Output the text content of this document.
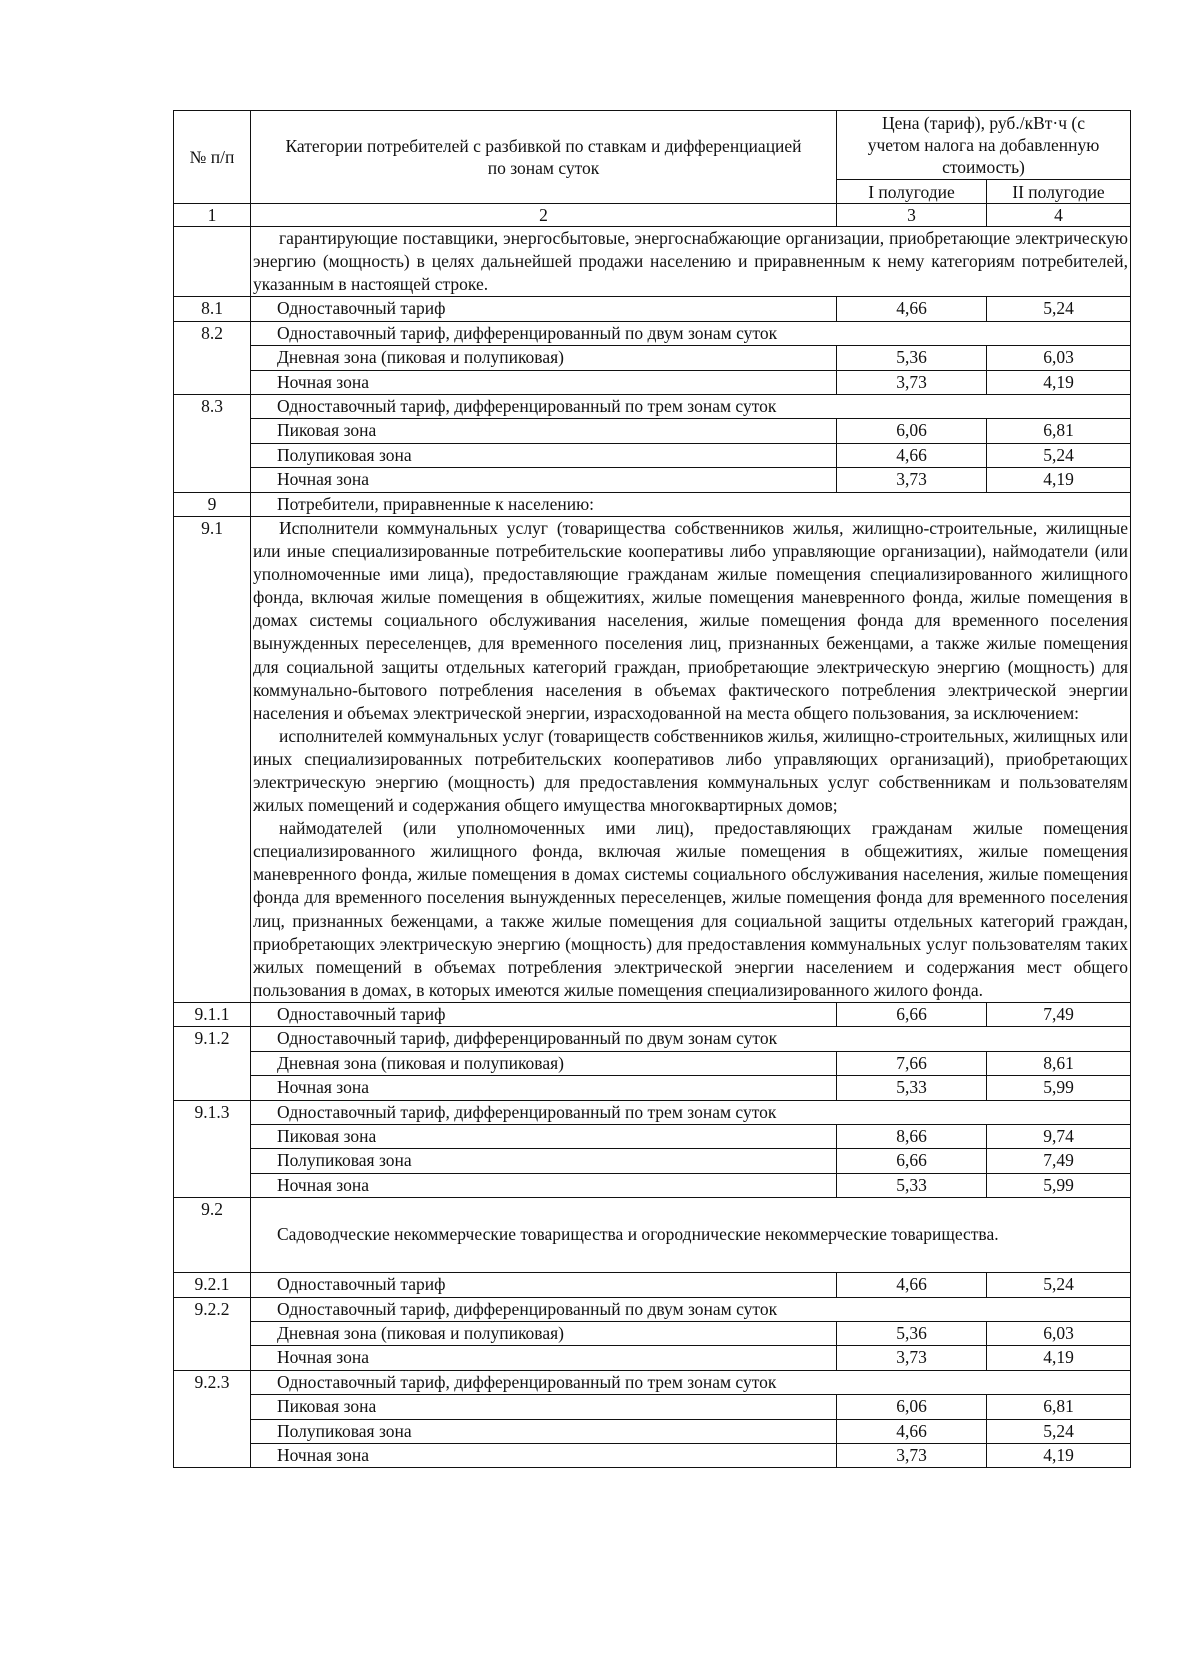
№ п/п	Категории потребителей с разбивкой по ставкам и дифференциацией по зонам суток	Цена (тариф), руб./кВт·ч (с учетом налога на добавленную стоимость)	
		I полугодие	II полугодие
1	2	3	4

	гарантирующие поставщики, энергосбытовые, энергоснабжающие организации, приобретающие электрическую энергию (мощность) в целях дальнейшей продажи населению и приравненным к нему категориям потребителей, указанным в настоящей строке.		

8.1	Одноставочный тариф	4,66	5,24
8.2	Одноставочный тариф, дифференцированный по двум зонам суток		
	Дневная зона (пиковая и полупиковая)	5,36	6,03
	Ночная зона	3,73	4,19
8.3	Одноставочный тариф, дифференцированный по трем зонам суток		
	Пиковая зона	6,06	6,81
	Полупиковая зона	4,66	5,24
	Ночная зона	3,73	4,19
9	Потребители, приравненные к населению:		
9.1	Исполнители коммунальных услуг (товарищества собственников жилья, жилищно-строительные, жилищные или иные специализированные потребительские кооперативы либо управляющие организации), наймодатели (или уполномоченные ими лица), предоставляющие гражданам жилые помещения специализированного жилищного фонда, включая жилые помещения в общежитиях, жилые помещения маневренного фонда, жилые помещения в домах системы социального обслуживания населения, жилые помещения фонда для временного поселения вынужденных переселенцев, для временного поселения лиц, признанных беженцами, а также жилые помещения для социальной защиты отдельных категорий граждан, приобретающие электрическую энергию (мощность) для коммунально-бытового потребления населения в объемах фактического потребления электрической энергии населения и объемах электрической энергии, израсходованной на места общего пользования, за исключением:

исполнителей коммунальных услуг (товариществ собственников жилья, жилищно-строительных, жилищных или иных специализированных потребительских кооперативов либо управляющих организаций), приобретающих электрическую энергию (мощность) для предоставления коммунальных услуг собственникам и пользователям жилых помещений и содержания общего имущества многоквартирных домов;

наймодателей (или уполномоченных ими лиц), предоставляющих гражданам жилые помещения специализированного жилищного фонда, включая жилые помещения в общежитиях, жилые помещения маневренного фонда, жилые помещения в домах системы социального обслуживания населения, жилые помещения фонда для временного поселения вынужденных переселенцев, жилые помещения фонда для временного поселения лиц, признанных беженцами, а также жилые помещения для социальной защиты отдельных категорий граждан, приобретающих электрическую энергию (мощность) для предоставления коммунальных услуг пользователям таких жилых помещений в объемах потребления электрической энергии населением и содержания мест общего пользования в домах, в которых имеются жилые помещения специализированного жилого фонда.		

9.1.1	Одноставочный тариф	6,66	7,49
9.1.2	Одноставочный тариф, дифференцированный по двум зонам суток		
	Дневная зона (пиковая и полупиковая)	7,66	8,61
	Ночная зона	5,33	5,99
9.1.3	Одноставочный тариф, дифференцированный по трем зонам суток		
	Пиковая зона	8,66	9,74
	Полупиковая зона	6,66	7,49
	Ночная зона	5,33	5,99
9.2	Садоводческие некоммерческие товарищества и огороднические некоммерческие товарищества.		
9.2.1	Одноставочный тариф	4,66	5,24
9.2.2	Одноставочный тариф, дифференцированный по двум зонам суток		
	Дневная зона (пиковая и полупиковая)	5,36	6,03
	Ночная зона	3,73	4,19
9.2.3	Одноставочный тариф, дифференцированный по трем зонам суток		
	Пиковая зона	6,06	6,81
	Полупиковая зона	4,66	5,24
	Ночная зона	3,73	4,19
